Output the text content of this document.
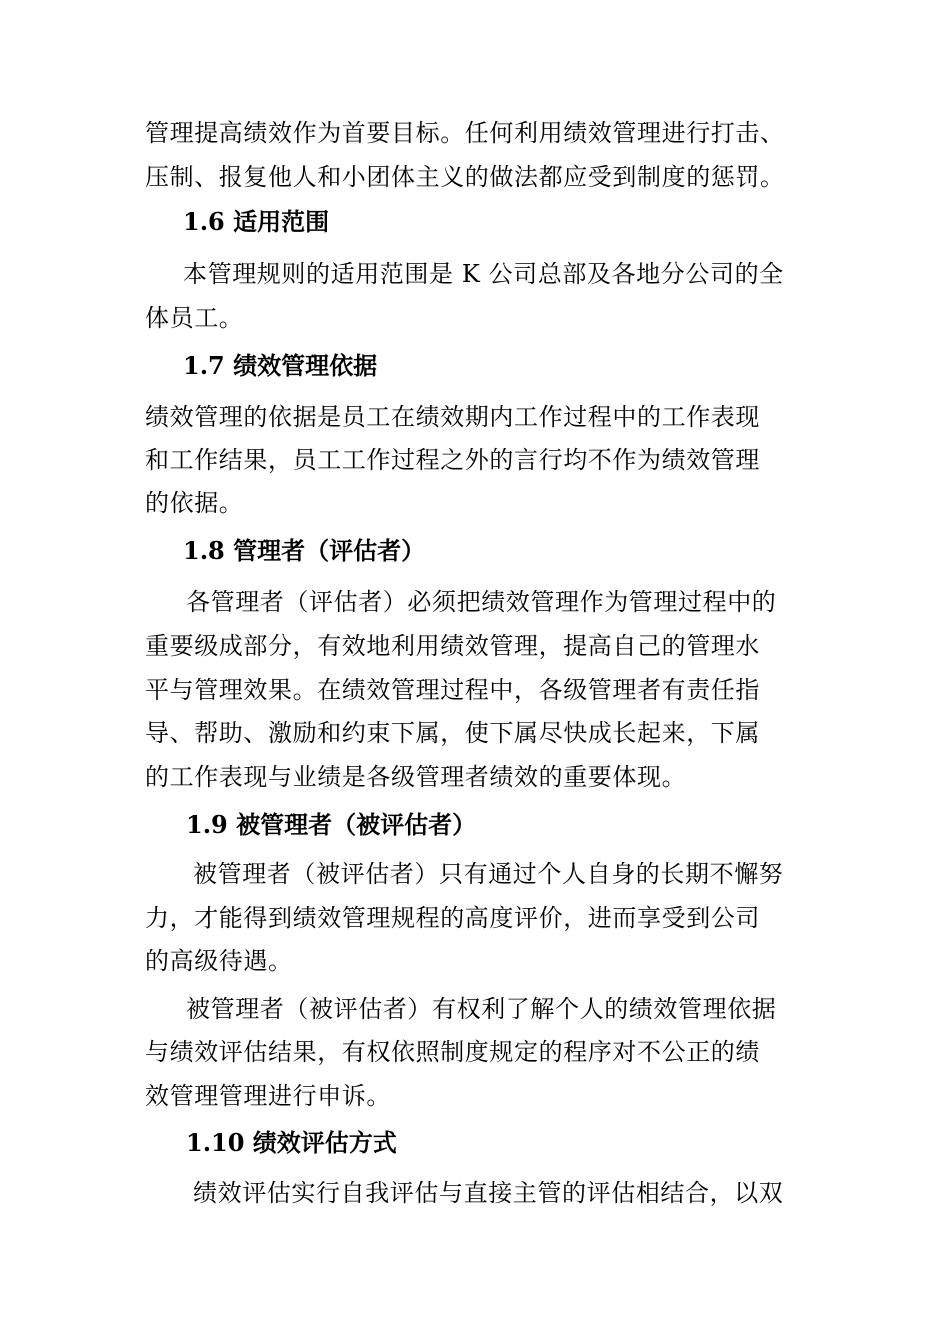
管理提高绩效作为首要目标。任何利用绩效管理进行打击、
压制、报复他人和小团体主义的做法都应受到制度的惩罚。
1.6 适用范围
本管理规则的适用范围是 K 公司总部及各地分公司的全
体员工。
1.7 绩效管理依据
绩效管理的依据是员工在绩效期内工作过程中的工作表现
和工作结果，员工工作过程之外的言行均不作为绩效管理
的依据。
1.8 管理者（评估者）
各管理者（评估者）必须把绩效管理作为管理过程中的
重要级成部分，有效地利用绩效管理，提高自己的管理水
平与管理效果。在绩效管理过程中，各级管理者有责任指
导、帮助、激励和约束下属，使下属尽快成长起来，下属
的工作表现与业绩是各级管理者绩效的重要体现。
1.9 被管理者（被评估者）
被管理者（被评估者）只有通过个人自身的长期不懈努
力，才能得到绩效管理规程的高度评价，进而享受到公司
的高级待遇。
被管理者（被评估者）有权利了解个人的绩效管理依据
与绩效评估结果，有权依照制度规定的程序对不公正的绩
效管理管理进行申诉。
1.10 绩效评估方式
绩效评估实行自我评估与直接主管的评估相结合，以双
